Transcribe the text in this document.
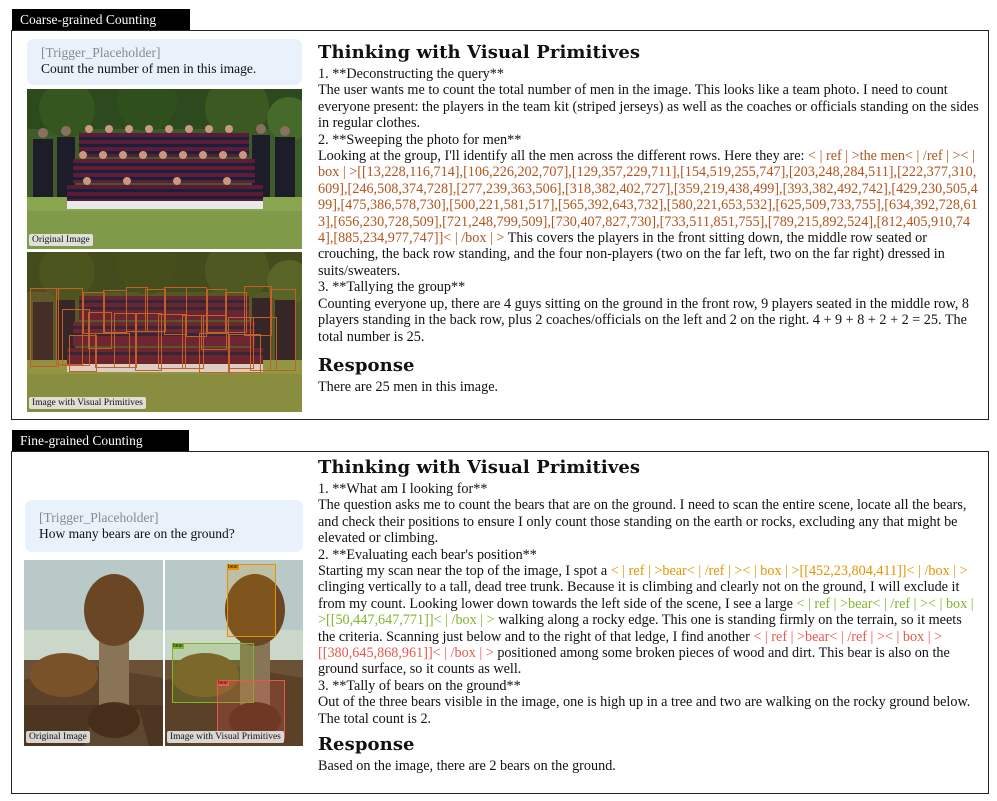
Coarse-grained Counting
[Trigger_Placeholder]
Count the number of men in this image.
Original Image
Image with Visual Primitives
Thinking with Visual Primitives

1. **Deconstructing the query**

The user wants me to count the total number of men in the image. This looks like a team photo. I need to count everyone present: the players in the team kit (striped jerseys) as well as the coaches or officials standing on the sides in regular clothes.

2. **Sweeping the photo for men**

Looking at the group, I'll identify all the men across the different rows. Here they are: < | ref | >the men< | /ref | >< | box | >[[13,228,116,714],[106,226,202,707],[129,357,229,711],[154,519,255,747],[203,248,284,511],[222,377,310,609],[246,508,374,728],[277,239,363,506],[318,382,402,727],[359,219,438,499],[393,382,492,742],[429,230,505,499],[475,386,578,730],[500,221,581,517],[565,392,643,732],[580,221,653,532],[625,509,733,755],[634,392,728,613],[656,230,728,509],[721,248,799,509],[730,407,827,730],[733,511,851,755],[789,215,892,524],[812,405,910,744],[885,234,977,747]]< | /box | > This covers the players in the front sitting down, the middle row seated or crouching, the back row standing, and the four non-players (two on the far left, two on the far right) dressed in suits/sweaters.

3. **Tallying the group**

Counting everyone up, there are 4 guys sitting on the ground in the front row, 9 players seated in the middle row, 8 players standing in the back row, plus 2 coaches/officials on the left and 2 on the right. 4 + 9 + 8 + 2 + 2 = 25. The total number is 25.

Response

There are 25 men in this image.

Fine-grained Counting
[Trigger_Placeholder]
How many bears are on the ground?
Original Image
bear
bear
bear
Image with Visual Primitives
Thinking with Visual Primitives

1. **What am I looking for**

The question asks me to count the bears that are on the ground. I need to scan the entire scene, locate all the bears, and check their positions to ensure I only count those standing on the earth or rocks, excluding any that might be elevated or climbing.

2. **Evaluating each bear's position**

Starting my scan near the top of the image, I spot a < | ref | >bear< | /ref | >< | box | >[[452,23,804,411]]< | /box | > clinging vertically to a tall, dead tree trunk. Because it is climbing and clearly not on the ground, I will exclude it from my count. Looking lower down towards the left side of the scene, I see a large < | ref | >bear< | /ref | >< | box | >[[50,447,647,771]]< | /box | > walking along a rocky edge. This one is standing firmly on the terrain, so it meets the criteria. Scanning just below and to the right of that ledge, I find another < | ref | >bear< | /ref | >< | box | >[[380,645,868,961]]< | /box | > positioned among some broken pieces of wood and dirt. This bear is also on the ground surface, so it counts as well.

3. **Tally of bears on the ground**

Out of the three bears visible in the image, one is high up in a tree and two are walking on the rocky ground below. The total count is 2.

Response

Based on the image, there are 2 bears on the ground.
